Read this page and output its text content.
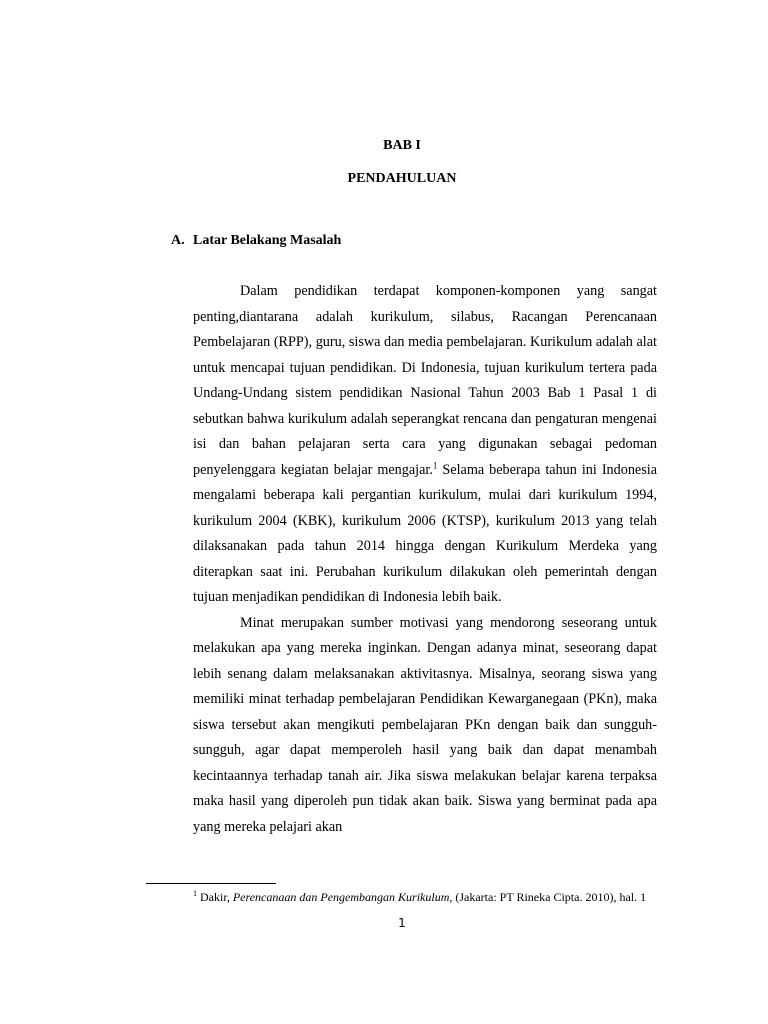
BAB I
PENDAHULUAN
A. Latar Belakang Masalah

Dalam pendidikan terdapat komponen-komponen yang sangat penting,diantarana adalah kurikulum, silabus, Racangan Perencanaan Pembelajaran (RPP), guru, siswa dan media pembelajaran. Kurikulum adalah alat untuk mencapai tujuan pendidikan. Di Indonesia, tujuan kurikulum tertera pada Undang-Undang sistem pendidikan Nasional Tahun 2003 Bab 1 Pasal 1 di sebutkan bahwa kurikulum adalah seperangkat rencana dan pengaturan mengenai isi dan bahan pelajaran serta cara yang digunakan sebagai pedoman penyelenggara kegiatan belajar mengajar.$^1$ Selama beberapa tahun ini Indonesia mengalami beberapa kali pergantian kurikulum, mulai dari kurikulum 1994, kurikulum 2004 (KBK), kurikulum 2006 (KTSP), kurikulum 2013 yang telah dilaksanakan pada tahun 2014 hingga dengan Kurikulum Merdeka yang diterapkan saat ini. Perubahan kurikulum dilakukan oleh pemerintah dengan tujuan menjadikan pendidikan di Indonesia lebih baik.

Minat merupakan sumber motivasi yang mendorong seseorang untuk melakukan apa yang mereka inginkan. Dengan adanya minat, seseorang dapat lebih senang dalam melaksanakan aktivitasnya. Misalnya, seorang siswa yang memiliki minat terhadap pembelajaran Pendidikan Kewarganegaan (PKn), maka siswa tersebut akan mengikuti pembelajaran PKn dengan baik dan sungguh-sungguh, agar dapat memperoleh hasil yang baik dan dapat menambah kecintaannya terhadap tanah air. Jika siswa melakukan belajar karena terpaksa maka hasil yang diperoleh pun tidak akan baik. Siswa yang berminat pada apa yang mereka pelajari akan

$^1$ Dakir, Perencanaan dan Pengembangan Kurikulum, (Jakarta: PT Rineka Cipta. 2010), hal. 1

1
